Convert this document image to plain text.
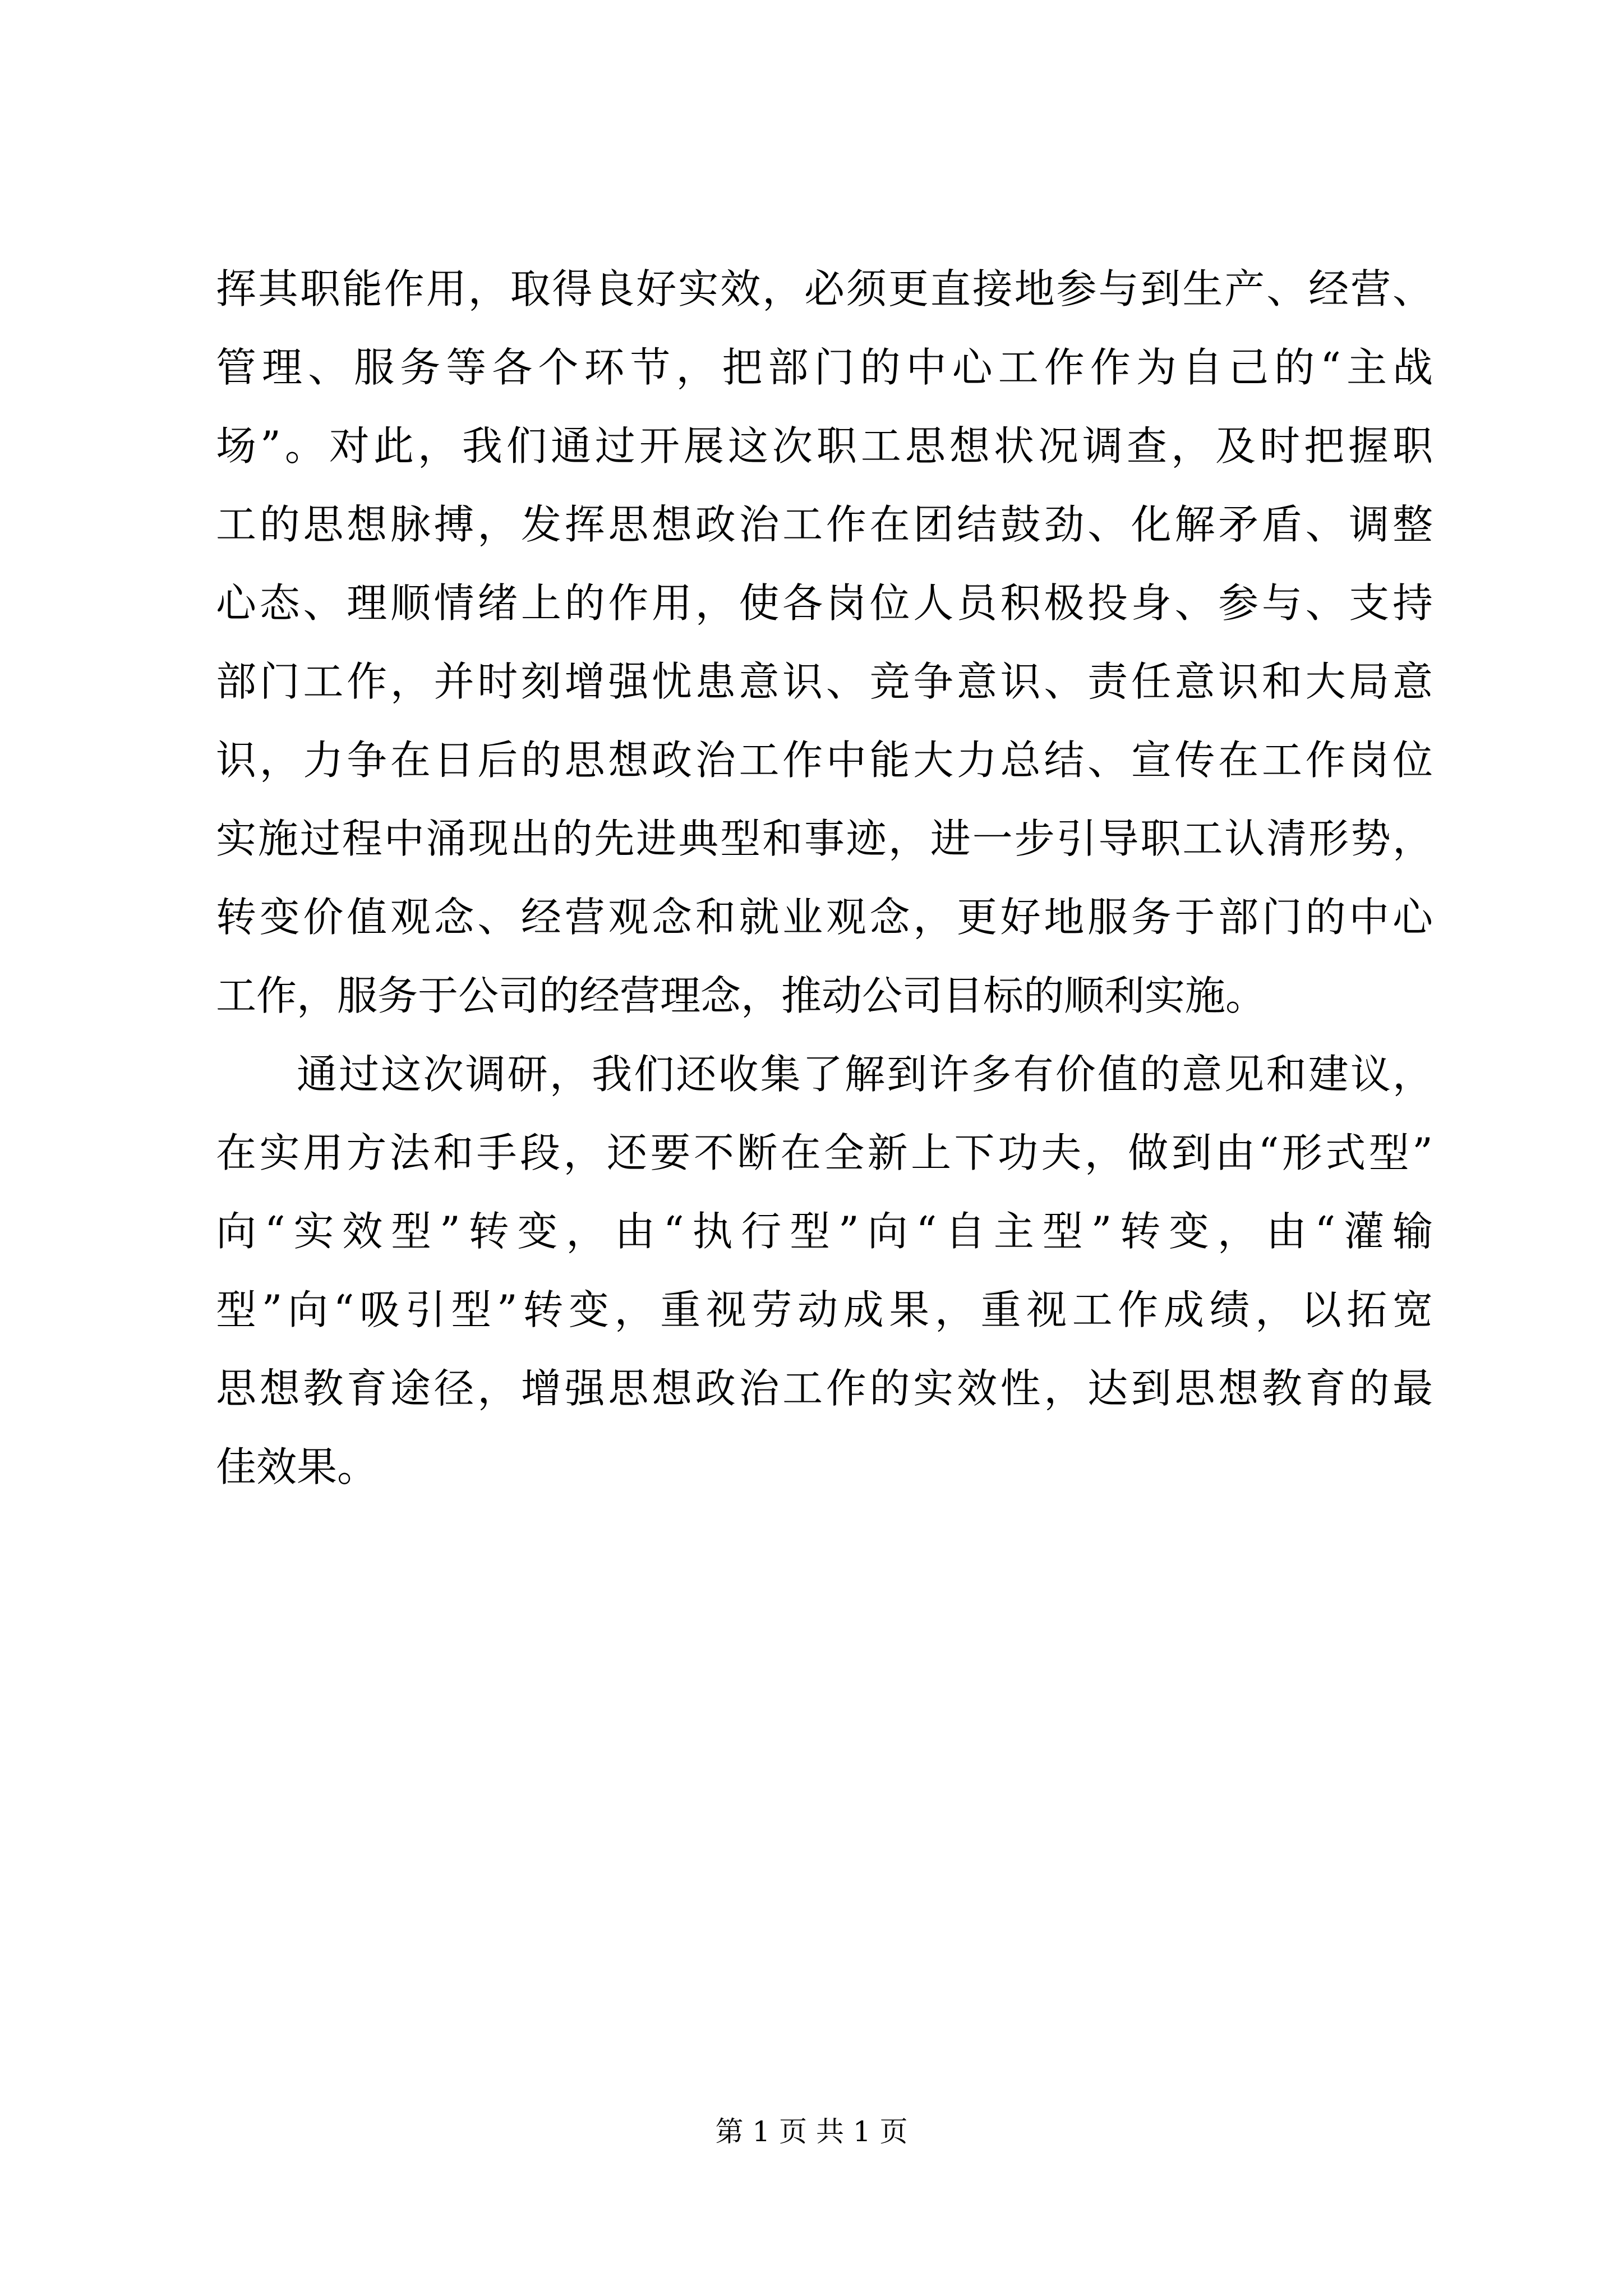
挥其职能作用，取得良好实效，必须更直接地参与到生产、经营、
管理、服务等各个环节，把部门的中心工作作为自己的“主战
场”。对此，我们通过开展这次职工思想状况调查，及时把握职
工的思想脉搏，发挥思想政治工作在团结鼓劲、化解矛盾、调整
心态、理顺情绪上的作用，使各岗位人员积极投身、参与、支持
部门工作，并时刻增强忧患意识、竞争意识、责任意识和大局意
识，力争在日后的思想政治工作中能大力总结、宣传在工作岗位
实施过程中涌现出的先进典型和事迹，进一步引导职工认清形势，
转变价值观念、经营观念和就业观念，更好地服务于部门的中心
工作，服务于公司的经营理念，推动公司目标的顺利实施。
通过这次调研，我们还收集了解到许多有价值的意见和建议，
在实用方法和手段，还要不断在全新上下功夫，做到由“形式型”
向“实效型”转变，由“执行型”向“自主型”转变，由“灌输
型”向“吸引型”转变，重视劳动成果，重视工作成绩，以拓宽
思想教育途径，增强思想政治工作的实效性，达到思想教育的最
佳效果。
第 1 页 共 1 页
